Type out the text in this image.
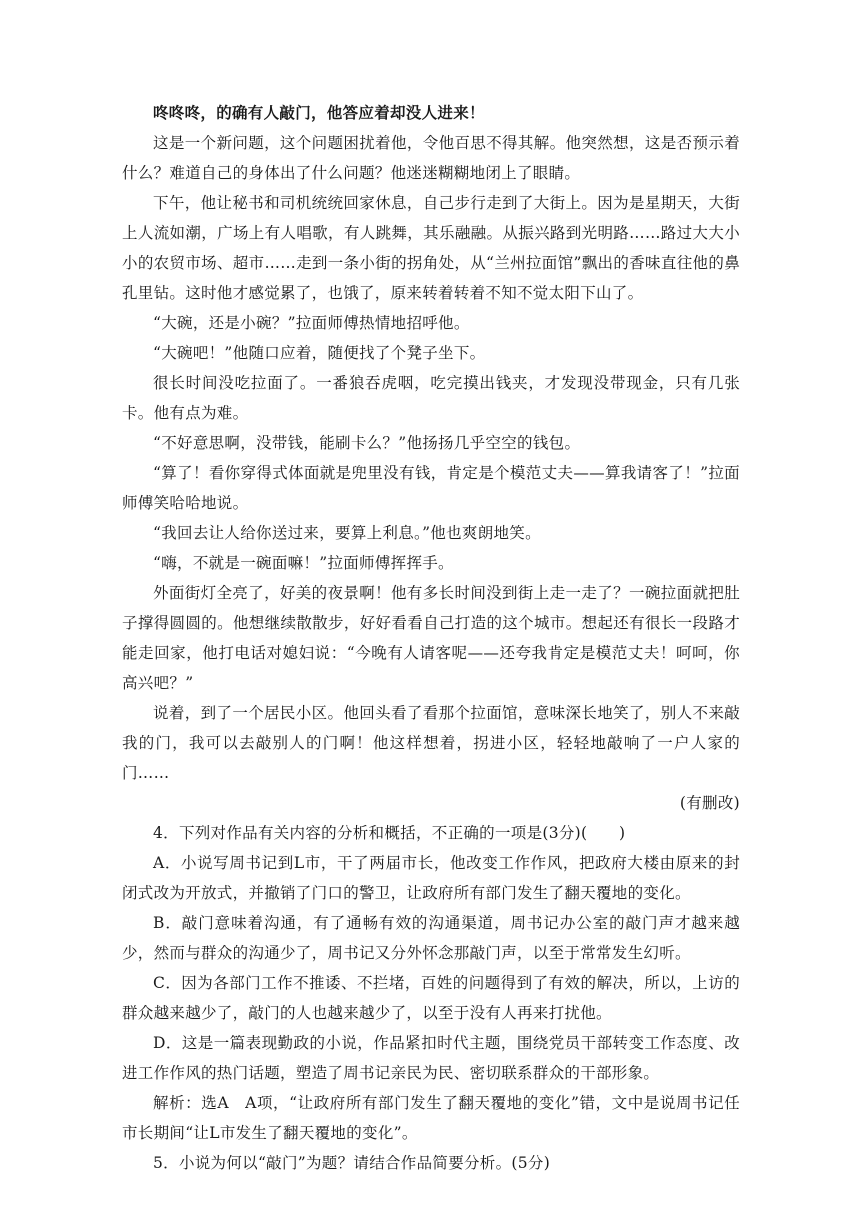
咚咚咚，的确有人敲门，他答应着却没人进来！

这是一个新问题，这个问题困扰着他，令他百思不得其解。他突然想，这是否预示着什么？难道自己的身体出了什么问题？他迷迷糊糊地闭上了眼睛。

下午，他让秘书和司机统统回家休息，自己步行走到了大街上。因为是星期天，大街上人流如潮，广场上有人唱歌，有人跳舞，其乐融融。从振兴路到光明路……路过大大小小的农贸市场、超市……走到一条小街的拐角处，从“兰州拉面馆”飘出的香味直往他的鼻孔里钻。这时他才感觉累了，也饿了，原来转着转着不知不觉太阳下山了。

“大碗，还是小碗？”拉面师傅热情地招呼他。

“大碗吧！”他随口应着，随便找了个凳子坐下。

很长时间没吃拉面了。一番狼吞虎咽，吃完摸出钱夹，才发现没带现金，只有几张卡。他有点为难。

“不好意思啊，没带钱，能刷卡么？”他扬扬几乎空空的钱包。

“算了！看你穿得式体面就是兜里没有钱，肯定是个模范丈夫——算我请客了！”拉面师傅笑哈哈地说。

“我回去让人给你送过来，要算上利息。”他也爽朗地笑。

“嗨，不就是一碗面嘛！”拉面师傅挥挥手。

外面街灯全亮了，好美的夜景啊！他有多长时间没到街上走一走了？一碗拉面就把肚子撑得圆圆的。他想继续散散步，好好看看自己打造的这个城市。想起还有很长一段路才能走回家，他打电话对媳妇说：“今晚有人请客呢——还夸我肯定是模范丈夫！呵呵，你高兴吧？”

说着，到了一个居民小区。他回头看了看那个拉面馆，意味深长地笑了，别人不来敲我的门，我可以去敲别人的门啊！他这样想着，拐进小区，轻轻地敲响了一户人家的门……

(有删改)

4．下列对作品有关内容的分析和概括，不正确的一项是(3分)(　　)

A．小说写周书记到L市，干了两届市长，他改变工作作风，把政府大楼由原来的封闭式改为开放式，并撤销了门口的警卫，让政府所有部门发生了翻天覆地的变化。

B．敲门意味着沟通，有了通畅有效的沟通渠道，周书记办公室的敲门声才越来越少，然而与群众的沟通少了，周书记又分外怀念那敲门声，以至于常常发生幻听。

C．因为各部门工作不推诿、不拦堵，百姓的问题得到了有效的解决，所以，上访的群众越来越少了，敲门的人也越来越少了，以至于没有人再来打扰他。

D．这是一篇表现勤政的小说，作品紧扣时代主题，围绕党员干部转变工作态度、改进工作作风的热门话题，塑造了周书记亲民为民、密切联系群众的干部形象。

解析：选A　A项，“让政府所有部门发生了翻天覆地的变化”错，文中是说周书记任市长期间“让L市发生了翻天覆地的变化”。

5．小说为何以“敲门”为题？请结合作品简要分析。(5分)
